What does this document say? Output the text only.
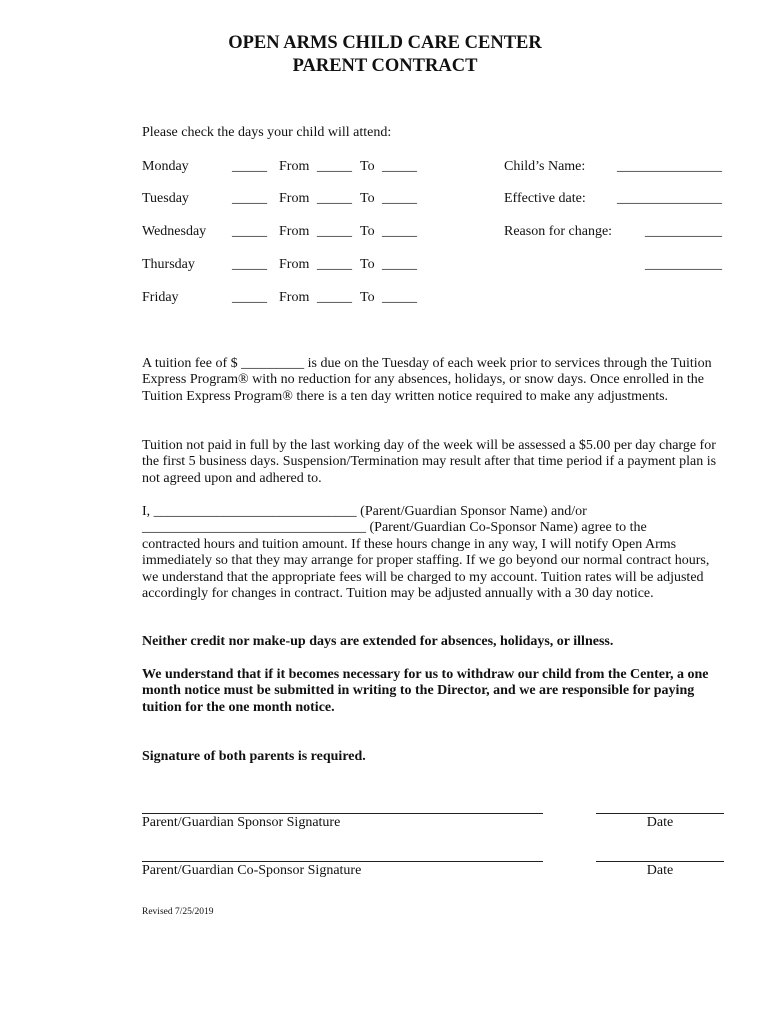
OPEN ARMS CHILD CARE CENTER
PARENT CONTRACT
Please check the days your child will attend:
Monday	_____ From _____ To _____	Child’s Name: _______________
Tuesday	_____ From _____ To _____	Effective date: _______________
Wednesday _____ From _____ To _____	Reason for change: ___________
Thursday	_____ From _____ To _____	___________
Friday	_____ From _____ To _____

A tuition fee of $ _________ is due on the Tuesday of each week prior to services through the Tuition Express Program® with no reduction for any absences, holidays, or snow days. Once enrolled in the Tuition Express Program® there is a ten day written notice required to make any adjustments.

Tuition not paid in full by the last working day of the week will be assessed a $5.00 per day charge for the first 5 business days. Suspension/Termination may result after that time period if a payment plan is not agreed upon and adhered to.

I, _____________________________ (Parent/Guardian Sponsor Name) and/or
________________________________ (Parent/Guardian Co-Sponsor Name) agree to the
contracted hours and tuition amount. If these hours change in any way, I will notify Open Arms immediately so that they may arrange for proper staffing. If we go beyond our normal contract hours, we understand that the appropriate fees will be charged to my account. Tuition rates will be adjusted accordingly for changes in contract. Tuition may be adjusted annually with a 30 day notice.

Neither credit nor make-up days are extended for absences, holidays, or illness.

We understand that if it becomes necessary for us to withdraw our child from the Center, a one month notice must be submitted in writing to the Director, and we are responsible for paying tuition for the one month notice.

Signature of both parents is required.

Parent/Guardian Sponsor Signature	Date
Parent/Guardian Co-Sponsor Signature	Date
Revised 7/25/2019
